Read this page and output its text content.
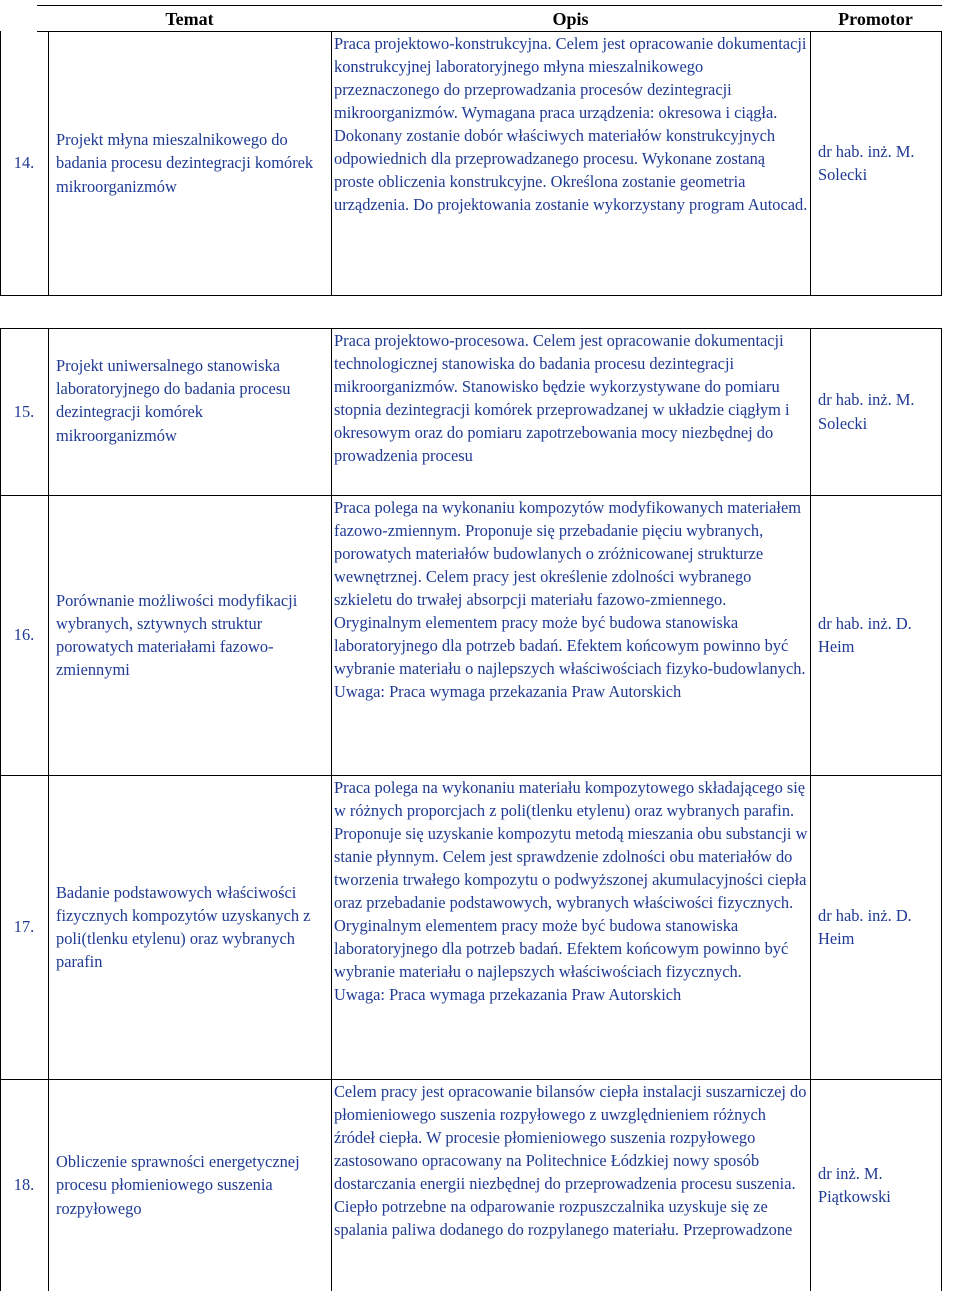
Temat	Opis	Promotor
14.
Projekt młyna mieszalnikowego do badania procesu dezintegracji komórek mikroorganizmów
Praca projektowo-konstrukcyjna. Celem jest opracowanie dokumentacji konstrukcyjnej laboratoryjnego młyna mieszalnikowego przeznaczonego do przeprowadzania procesów dezintegracji mikroorganizmów. Wymagana praca urządzenia: okresowa i ciągła. Dokonany zostanie dobór właściwych materiałów konstrukcyjnych odpowiednich dla przeprowadzanego procesu. Wykonane zostaną proste obliczenia konstrukcyjne. Określona zostanie geometria urządzenia. Do projektowania zostanie wykorzystany program Autocad.
dr hab. inż. M. Solecki
15.
Projekt uniwersalnego stanowiska laboratoryjnego do badania procesu dezintegracji komórek mikroorganizmów
Praca projektowo-procesowa. Celem jest opracowanie dokumentacji technologicznej stanowiska do badania procesu dezintegracji mikroorganizmów. Stanowisko będzie wykorzystywane do pomiaru stopnia dezintegracji komórek przeprowadzanej w układzie ciągłym i okresowym oraz do pomiaru zapotrzebowania mocy niezbędnej do prowadzenia procesu
dr hab. inż. M. Solecki
16.
Porównanie możliwości modyfikacji wybranych, sztywnych struktur porowatych materiałami fazowo-zmiennymi
Praca polega na wykonaniu kompozytów modyfikowanych materiałem fazowo-zmiennym. Proponuje się przebadanie pięciu wybranych, porowatych materiałów budowlanych o zróżnicowanej strukturze wewnętrznej. Celem pracy jest określenie zdolności wybranego szkieletu do trwałej absorpcji materiału fazowo-zmiennego. Oryginalnym elementem pracy może być budowa stanowiska laboratoryjnego dla potrzeb badań. Efektem końcowym powinno być wybranie materiału o najlepszych właściwościach fizyko-budowlanych. Uwaga: Praca wymaga przekazania Praw Autorskich
dr hab. inż. D. Heim
17.
Badanie podstawowych właściwości fizycznych kompozytów uzyskanych z poli(tlenku etylenu) oraz wybranych parafin
Praca polega na wykonaniu materiału kompozytowego składającego się w różnych proporcjach z poli(tlenku etylenu) oraz wybranych parafin. Proponuje się uzyskanie kompozytu metodą mieszania obu substancji w stanie płynnym. Celem jest sprawdzenie zdolności obu materiałów do tworzenia trwałego kompozytu o podwyższonej akumulacyjności ciepła oraz przebadanie podstawowych, wybranych właściwości fizycznych. Oryginalnym elementem pracy może być budowa stanowiska laboratoryjnego dla potrzeb badań. Efektem końcowym powinno być wybranie materiału o najlepszych właściwościach fizycznych.
Uwaga: Praca wymaga przekazania Praw Autorskich
dr hab. inż. D. Heim
18.
Obliczenie sprawności energetycznej procesu płomieniowego suszenia rozpyłowego
Celem pracy jest opracowanie bilansów ciepła instalacji suszarniczej do płomieniowego suszenia rozpyłowego z uwzględnieniem różnych źródeł ciepła. W procesie płomieniowego suszenia rozpyłowego zastosowano opracowany na Politechnice Łódzkiej nowy sposób dostarczania energii niezbędnej do przeprowadzenia procesu suszenia. Ciepło potrzebne na odparowanie rozpuszczalnika uzyskuje się ze spalania paliwa dodanego do rozpylanego materiału. Przeprowadzone
dr inż. M. Piątkowski
